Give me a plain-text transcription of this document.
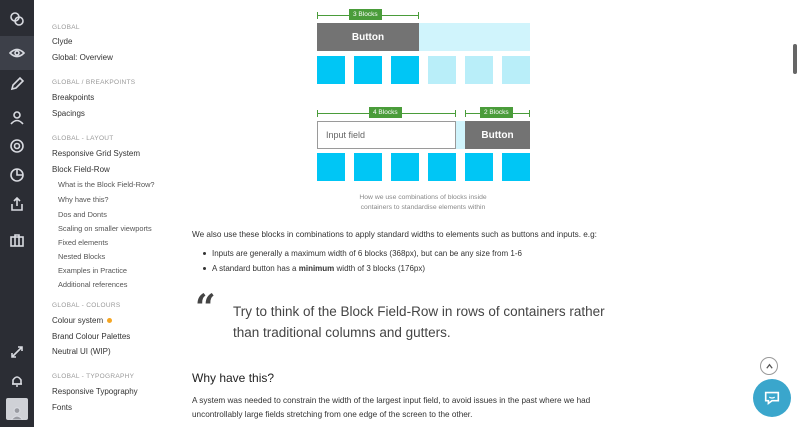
GLOBAL
Clyde
Global: Overview
GLOBAL / BREAKPOINTS
Breakpoints
Spacings
GLOBAL - LAYOUT
Responsive Grid System
Block Field-Row
What is the Block Field-Row?
Why have this?
Dos and Donts
Scaling on smaller viewports
Fixed elements
Nested Blocks
Examples in Practice
Additional references
GLOBAL - COLOURS
Colour system
Brand Colour Palettes
Neutral UI (WIP)
GLOBAL - TYPOGRAPHY
Responsive Typography
Fonts
3 Blocks
Button
4 Blocks	2 Blocks
Input field	Button
How we use combinations of blocks inside
containers to standardise elements within
We also use these blocks in combinations to apply standard widths to elements such as buttons and inputs. e.g:
Inputs are generally a maximum width of 6 blocks (368px), but can be any size from 1-6
A standard button has a minimum width of 3 blocks (176px)
“ Try to think of the Block Field-Row in rows of containers rather
than traditional columns and gutters.
Why have this?
A system was needed to constrain the width of the largest input field, to avoid issues in the past where we had
uncontrollably large fields stretching from one edge of the screen to the other.
